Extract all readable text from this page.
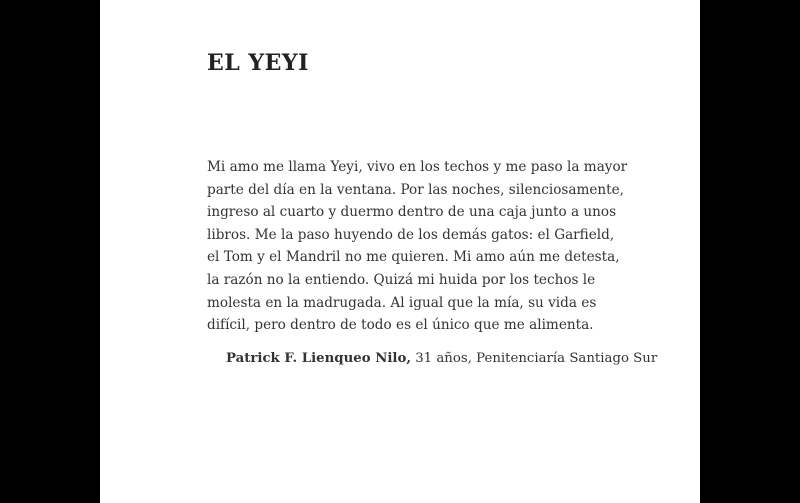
EL YEYI

Mi amo me llama Yeyi, vivo en los techos y me paso la mayor
parte del día en la ventana. Por las noches, silenciosamente,
ingreso al cuarto y duermo dentro de una caja junto a unos
libros. Me la paso huyendo de los demás gatos: el Garfield,
el Tom y el Mandril no me quieren. Mi amo aún me detesta,
la razón no la entiendo. Quizá mi huida por los techos le
molesta en la madrugada. Al igual que la mía, su vida es
difícil, pero dentro de todo es el único que me alimenta.

Patrick F. Lienqueo Nilo, 31 años, Penitenciaría Santiago Sur
